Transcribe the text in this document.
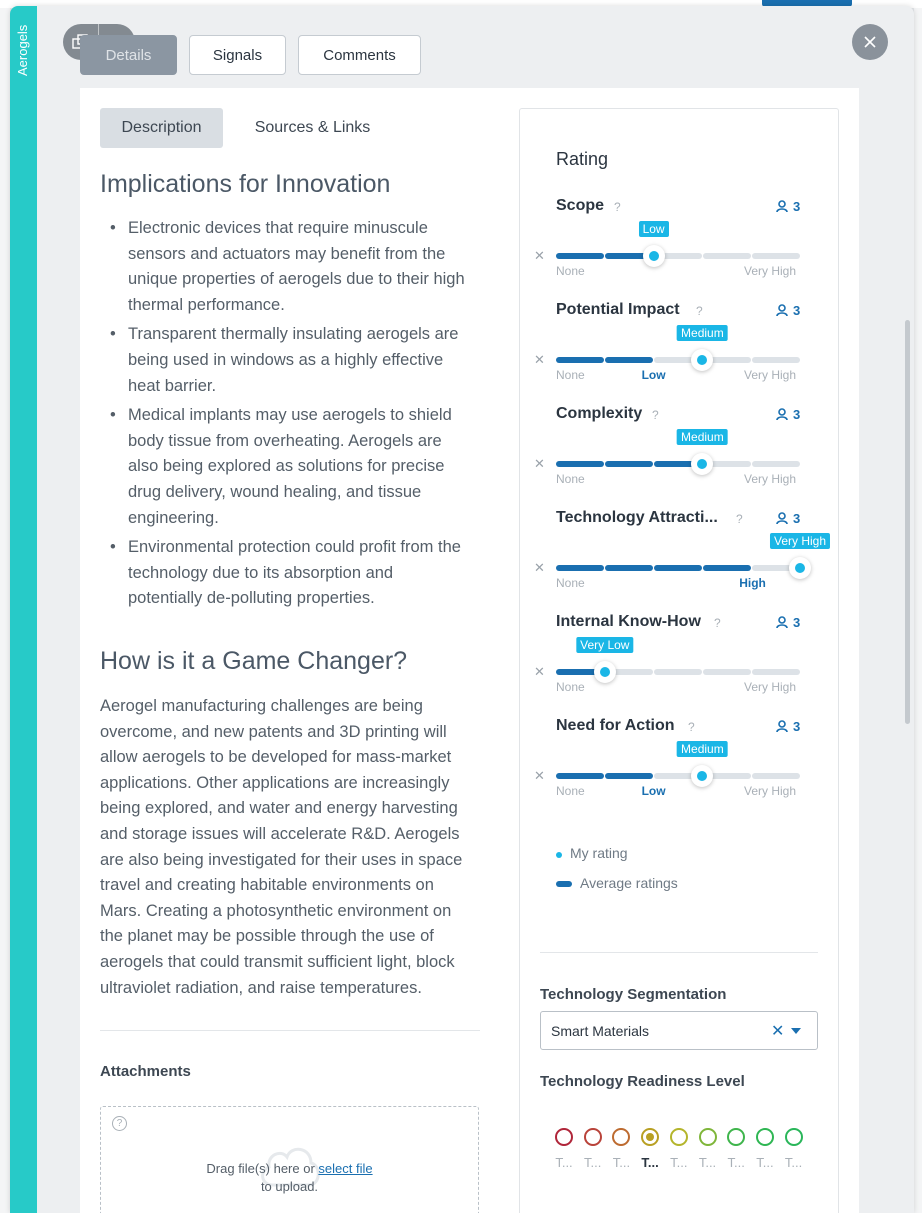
Aerogels	Details	Signals	Comments
Description	Sources & Links
Implications for Innovation
• Electronic devices that require minuscule sensors and actuators may benefit from the unique properties of aerogels due to their high thermal performance.
• Transparent thermally insulating aerogels are being used in windows as a highly effective heat barrier.
• Medical implants may use aerogels to shield body tissue from overheating. Aerogels are also being explored as solutions for precise drug delivery, wound healing, and tissue engineering.
• Environmental protection could profit from the technology due to its absorption and potentially de-polluting properties.
How is it a Game Changer?
Aerogel manufacturing challenges are being overcome, and new patents and 3D printing will allow aerogels to be developed for mass-market applications. Other applications are increasingly being explored, and water and energy harvesting and storage issues will accelerate R&D. Aerogels are also being investigated for their uses in space travel and creating habitable environments on Mars. Creating a photosynthetic environment on the planet may be possible through the use of aerogels that could transmit sufficient light, block ultraviolet radiation, and raise temperatures.
Attachments
?
Drag file(s) here or select file
to upload.
Rating
Scope ?	3
✕
Low
None	Very High
Potential Impact ?	3
✕
Medium
None	Very High
Low
Complexity ?	3
✕
Medium
None	Very High
Technology Attracti... ?	3
✕
Very High
None	High
Internal Know-How ?	3
✕
Very Low
None	Very High
Need for Action ?	3
✕
Medium
None	Very High
Low
My rating
Average ratings
Technology Segmentation
Smart Materials	✕
Technology Readiness Level
T... T... T... T... T... T... T... T... T...
